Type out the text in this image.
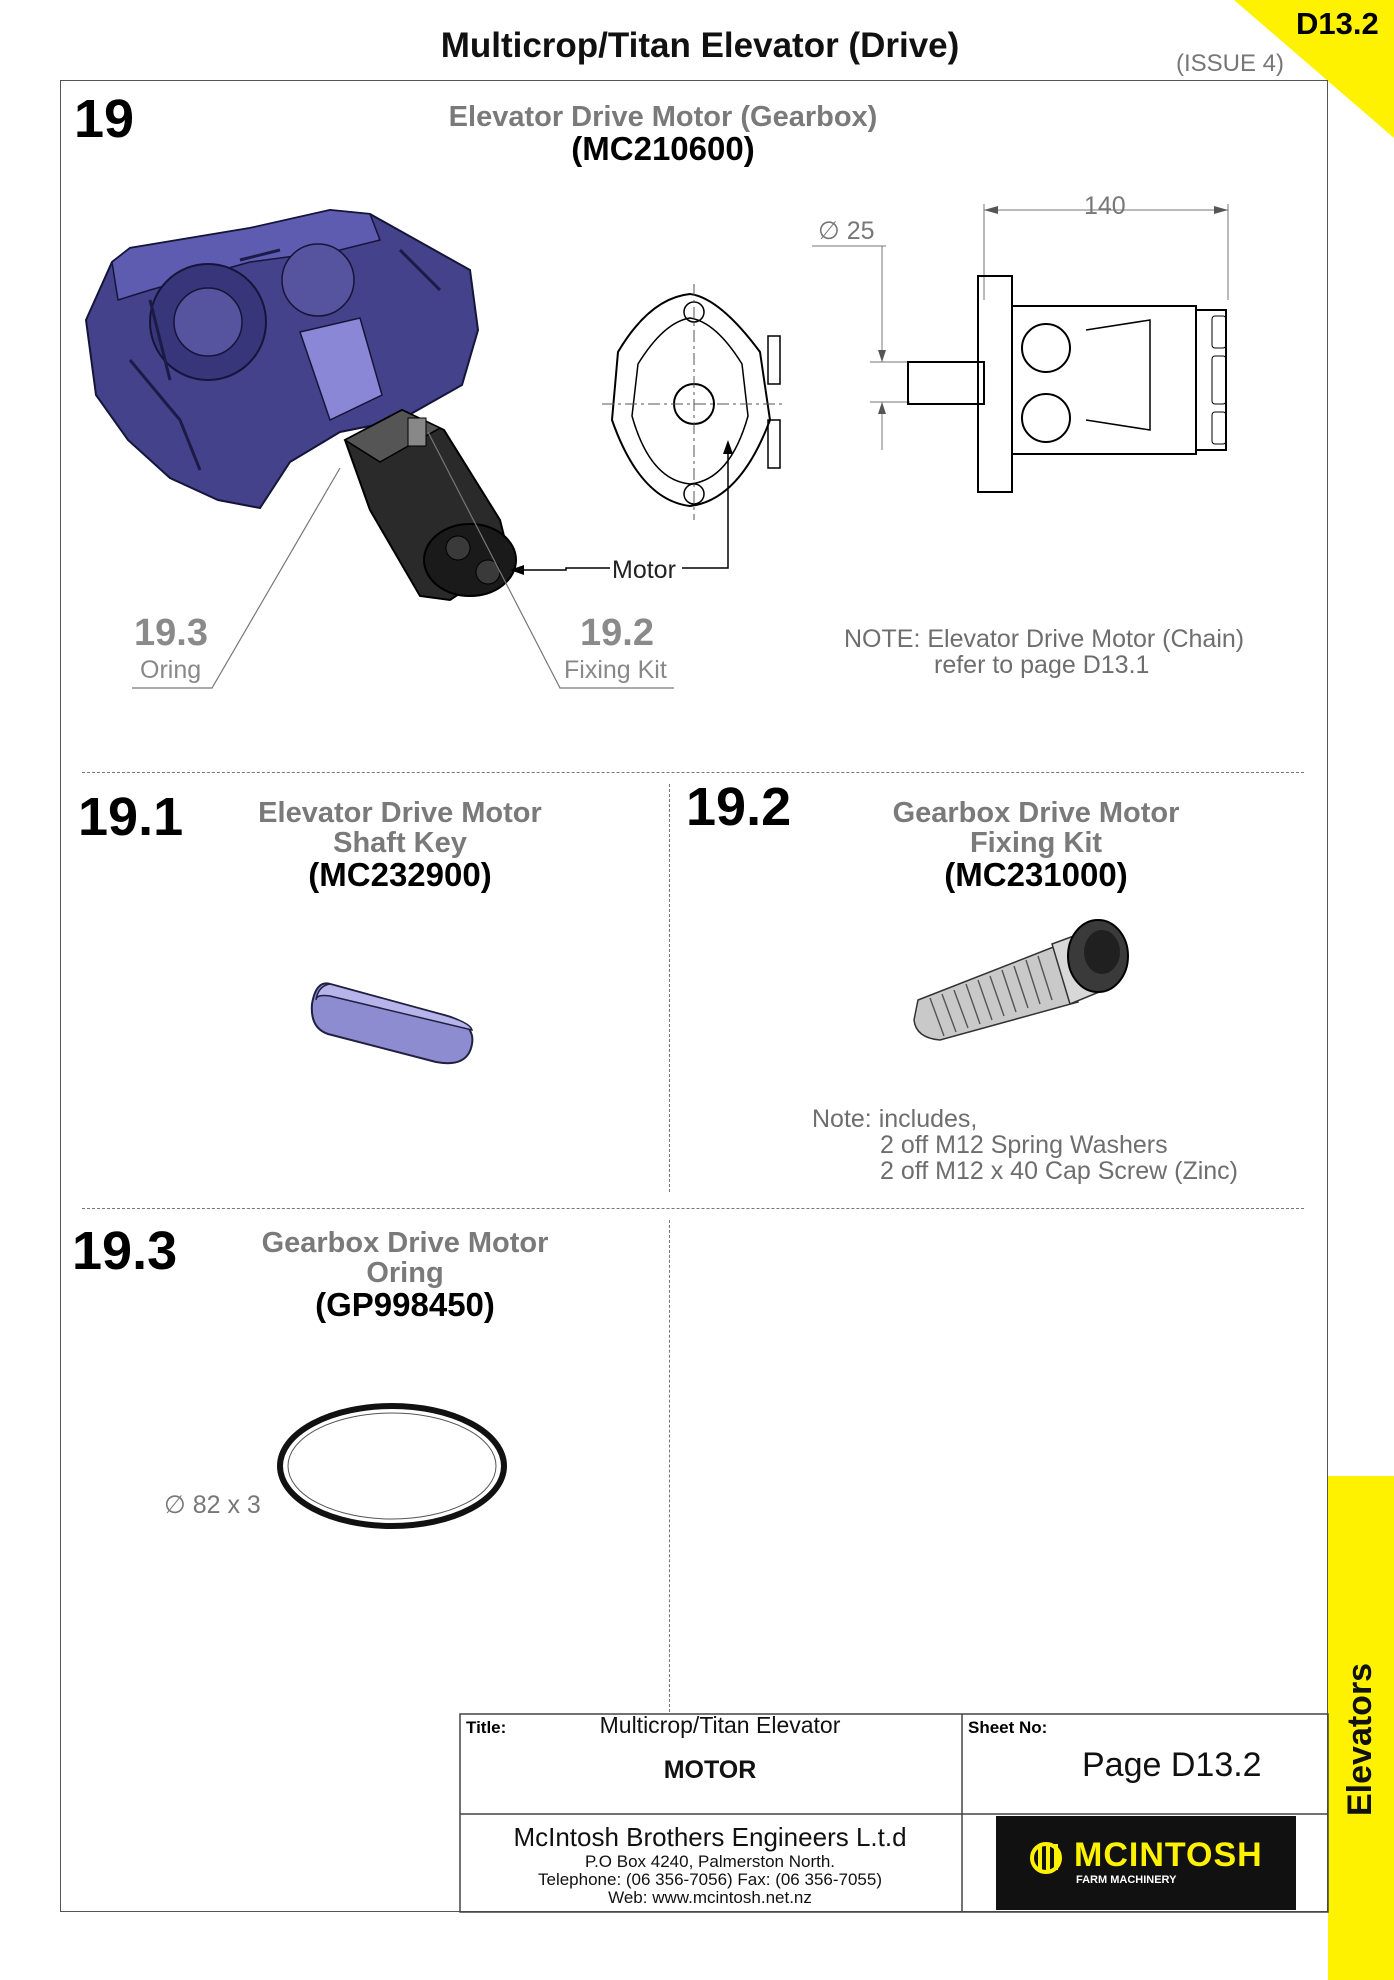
D13.2
Elevators
Multicrop/Titan Elevator (Drive)	(ISSUE 4)
19	Elevator Drive Motor (Gearbox)
(MC210600)
∅ 25
140
Motor
19.3
Oring
19.2
Fixing Kit
NOTE: Elevator Drive Motor (Chain)
refer to page D13.1
19.1	Elevator Drive Motor
Shaft Key
(MC232900)
19.2	Gearbox Drive Motor
Fixing Kit
(MC231000)
Note: includes,
2 off M12 Spring Washers
2 off M12 x 40 Cap Screw (Zinc)
19.3	Gearbox Drive Motor
Oring
(GP998450)
∅ 82 x 3
Title:	Multicrop/Titan Elevator
MOTOR
Sheet No:
Page D13.2
McIntosh Brothers Engineers L.t.d
P.O Box 4240, Palmerston North.
Telephone: (06 356-7056) Fax: (06 356-7055)
Web: www.mcintosh.net.nz
MCINTOSH
FARM MACHINERY
